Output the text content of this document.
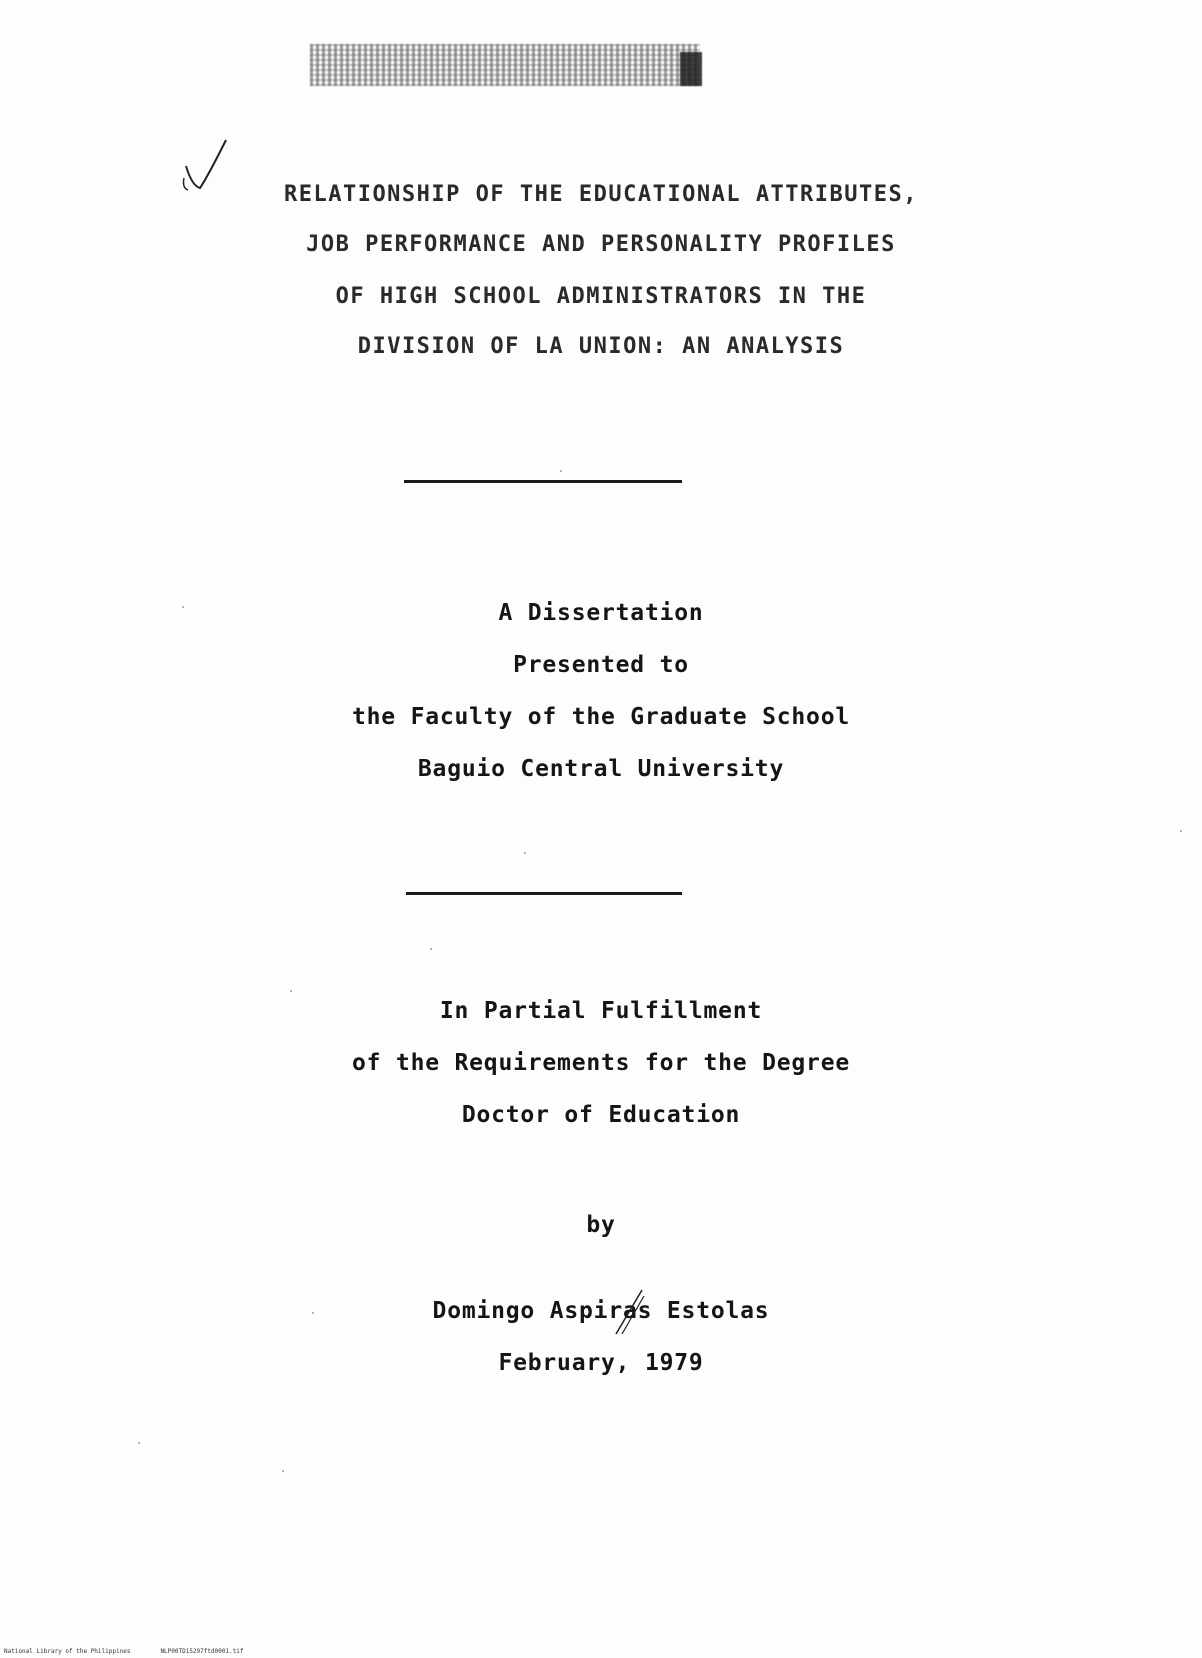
RELATIONSHIP OF THE EDUCATIONAL ATTRIBUTES,
JOB PERFORMANCE AND PERSONALITY PROFILES
OF HIGH SCHOOL ADMINISTRATORS IN THE
DIVISION OF LA UNION: AN ANALYSIS
A Dissertation
Presented to
the Faculty of the Graduate School
Baguio Central University
In Partial Fulfillment
of the Requirements for the Degree
Doctor of Education
by
Domingo Aspiras Estolas
February, 1979
National Library of the Philippines	NLP00TD15297ftd0001.tif
